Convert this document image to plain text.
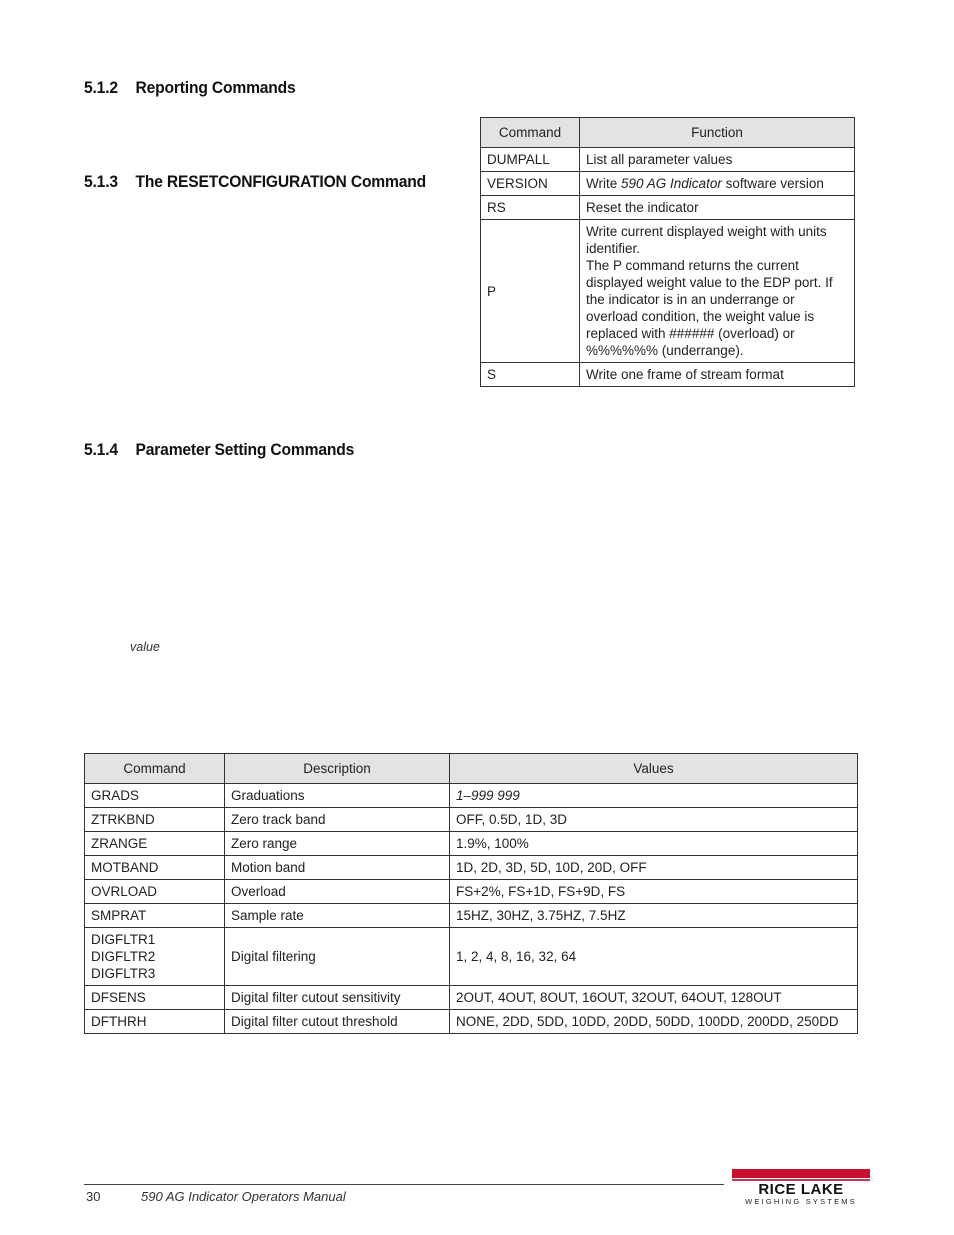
5.1.2 Reporting Commands
5.1.3 The RESETCONFIGURATION Command
5.1.4 Parameter Setting Commands
Command	Function
DUMPALL	List all parameter values
VERSION	Write 590 AG Indicator software version
RS	Reset the indicator
P	Write current displayed weight with units identifier.
The P command returns the current displayed weight value to the EDP port. If the indicator is in an underrange or overload condition, the weight value is replaced with ###### (overload) or %%%%%% (underrange).

S	Write one frame of stream format
value
Command	Description	Values
GRADS	Graduations	1–999 999
ZTRKBND	Zero track band	OFF, 0.5D, 1D, 3D
ZRANGE	Zero range	1.9%, 100%
MOTBAND	Motion band	1D, 2D, 3D, 5D, 10D, 20D, OFF
OVRLOAD	Overload	FS+2%, FS+1D, FS+9D, FS
SMPRAT	Sample rate	15HZ, 30HZ, 3.75HZ, 7.5HZ

DIGFLTR1
DIGFLTR2
DIGFLTR3	Digital filtering	1, 2, 4, 8, 16, 32, 64
DFSENS	Digital filter cutout sensitivity	2OUT, 4OUT, 8OUT, 16OUT, 32OUT, 64OUT, 128OUT
DFTHRH	Digital filter cutout threshold	NONE, 2DD, 5DD, 10DD, 20DD, 50DD, 100DD, 200DD, 250DD
30	590 AG Indicator Operators Manual	RICE LAKE
WEIGHING SYSTEMS
